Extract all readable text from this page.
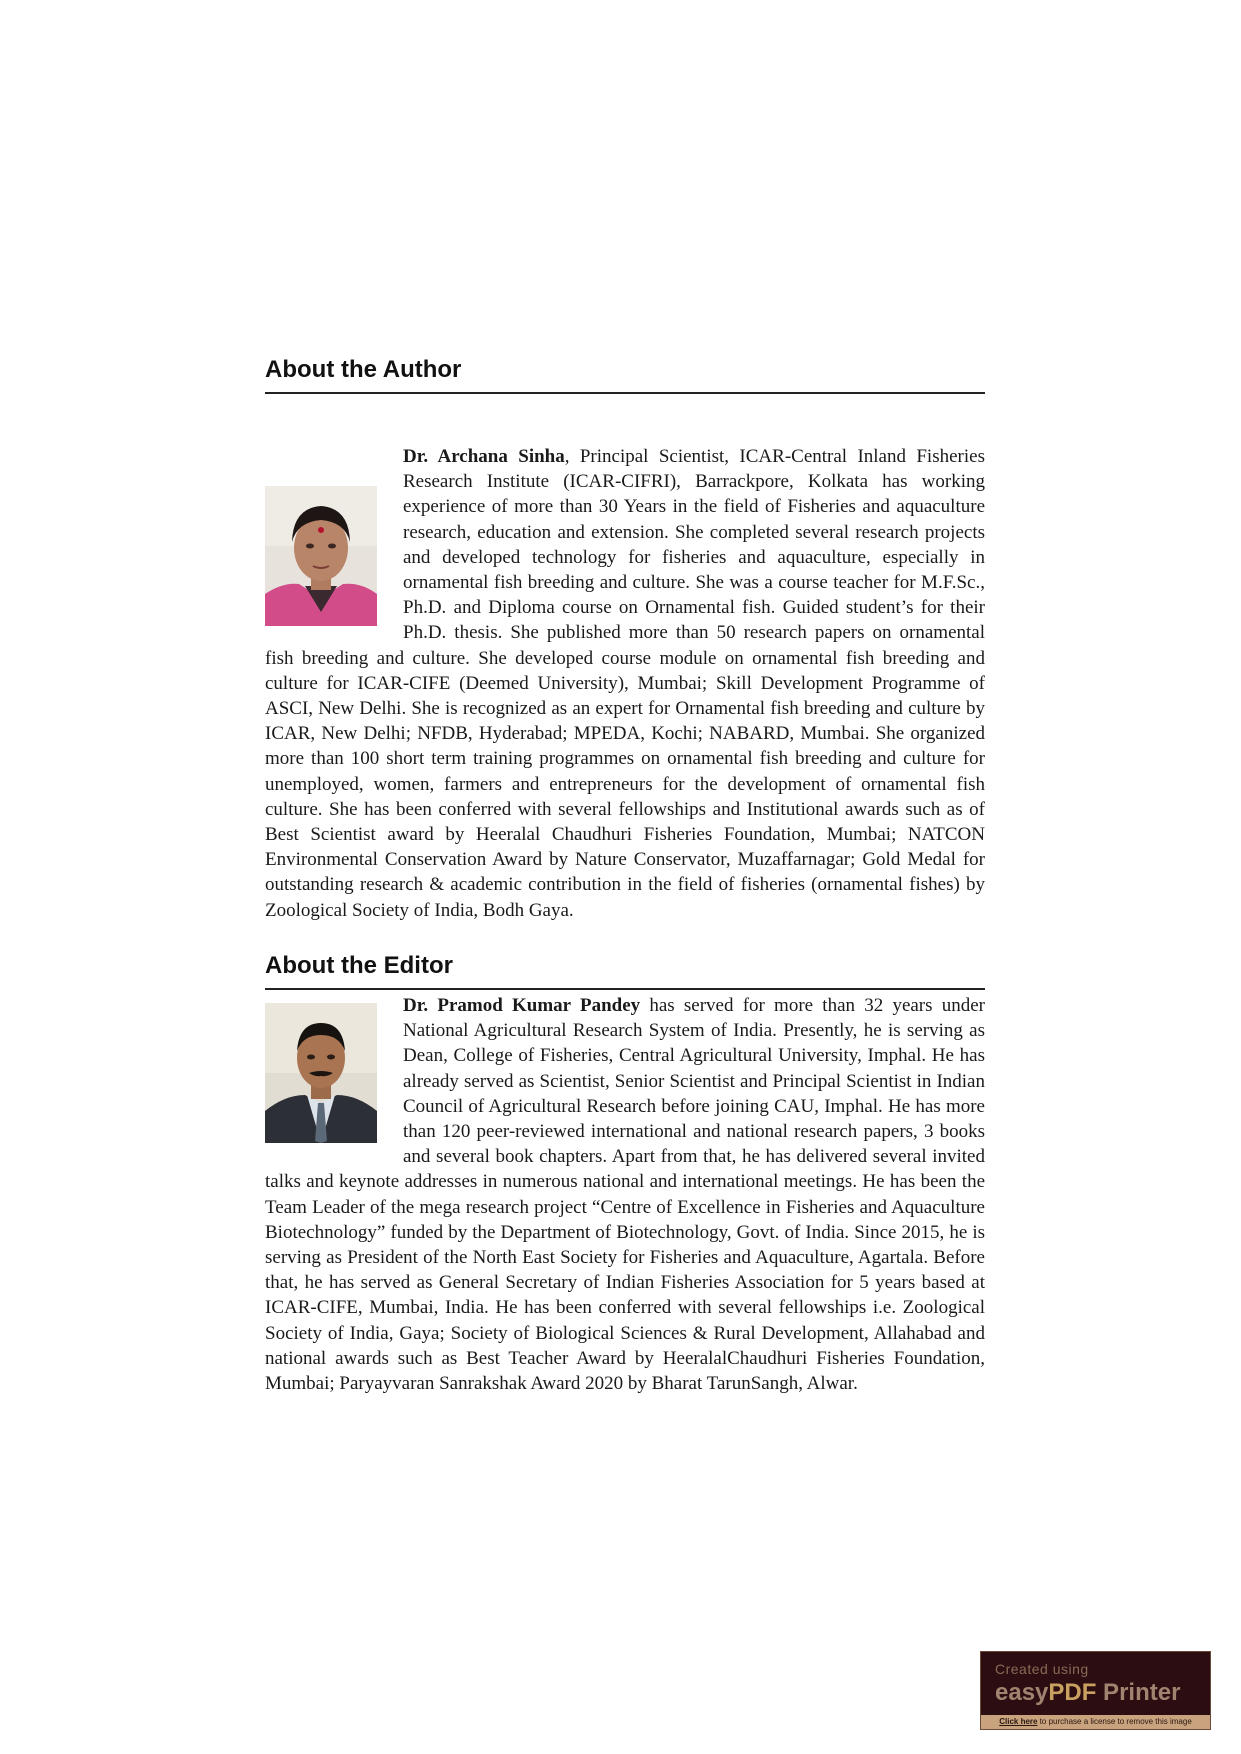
About the Author
Dr. Archana Sinha, Principal Scientist, ICAR-Central Inland Fisheries Research Institute (ICAR-CIFRI), Barrackpore, Kolkata has working experience of more than 30 Years in the field of Fisheries and aquaculture research, education and extension. She completed several research projects and developed technology for fisheries and aquaculture, especially in ornamental fish breeding and culture. She was a course teacher for M.F.Sc., Ph.D. and Diploma course on Ornamental fish. Guided student’s for their Ph.D. thesis. She published more than 50 research papers on ornamental fish breeding and culture. She developed course module on ornamental fish breeding and culture for ICAR-CIFE (Deemed University), Mumbai; Skill Development Programme of ASCI, New Delhi. She is recognized as an expert for Ornamental fish breeding and culture by ICAR, New Delhi; NFDB, Hyderabad; MPEDA, Kochi; NABARD, Mumbai. She organized more than 100 short term training programmes on ornamental fish breeding and culture for unemployed, women, farmers and entrepreneurs for the development of ornamental fish culture. She has been conferred with several fellowships and Institutional awards such as of Best Scientist award by Heeralal Chaudhuri Fisheries Foundation, Mumbai; NATCON Environmental Conservation Award by Nature Conservator, Muzaffarnagar; Gold Medal for outstanding research & academic contribution in the field of fisheries (ornamental fishes) by Zoological Society of India, Bodh Gaya.
About the Editor
Dr. Pramod Kumar Pandey has served for more than 32 years under National Agricultural Research System of India. Presently, he is serving as Dean, College of Fisheries, Central Agricultural University, Imphal. He has already served as Scientist, Senior Scientist and Principal Scientist in Indian Council of Agricultural Research before joining CAU, Imphal. He has more than 120 peer-reviewed international and national research papers, 3 books and several book chapters. Apart from that, he has delivered several invited talks and keynote addresses in numerous national and international meetings. He has been the Team Leader of the mega research project “Centre of Excellence in Fisheries and Aquaculture Biotechnology” funded by the Department of Biotechnology, Govt. of India. Since 2015, he is serving as President of the North East Society for Fisheries and Aquaculture, Agartala. Before that, he has served as General Secretary of Indian Fisheries Association for 5 years based at ICAR-CIFE, Mumbai, India. He has been conferred with several fellowships i.e. Zoological Society of India, Gaya; Society of Biological Sciences & Rural Development, Allahabad and national awards such as Best Teacher Award by HeeralalChaudhuri Fisheries Foundation, Mumbai; Paryayvaran Sanrakshak Award 2020 by Bharat TarunSangh, Alwar.
Created using
easyPDF Printer
Click here to purchase a license to remove this image
